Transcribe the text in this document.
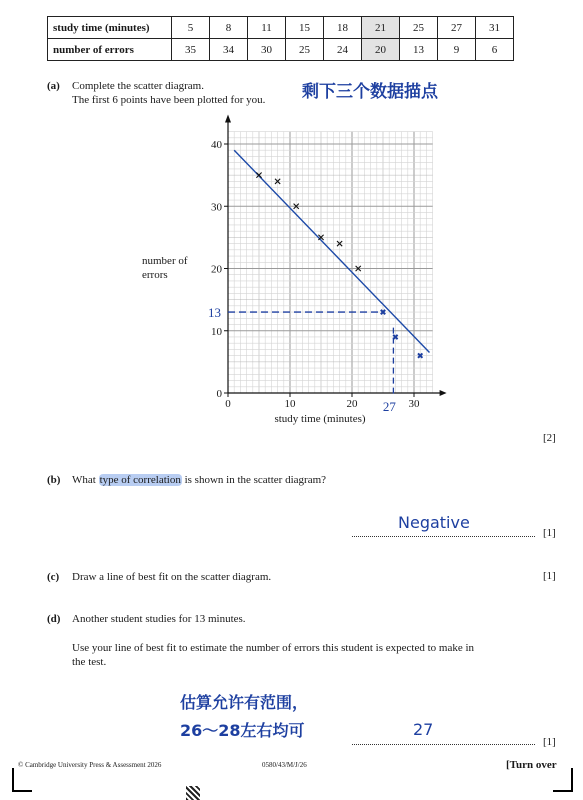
study time (minutes)	5	8	11	15	18	21	25	27	31
number of errors	35	34	30	25	24	20	13	9	6
(a) Complete the scatter diagram.
The first 6 points have been plotted for you. 剩下三个数据描点
0
10
20
30
40
0	10	20	30
13
27
study time (minutes)
number of
errors
[2]
(b) What type of correlation is shown in the scatter diagram?
Negative
[1]
(c) Draw a line of best fit on the scatter diagram.	[1]
(d) Another student studies for 13 minutes.
Use your line of best fit to estimate the number of errors this student is expected to make in
the test.
估算允许有范围，
26～28左右均可	27
[1]
© Cambridge University Press & Assessment 2026	0580/43/M/J/26	[Turn over
